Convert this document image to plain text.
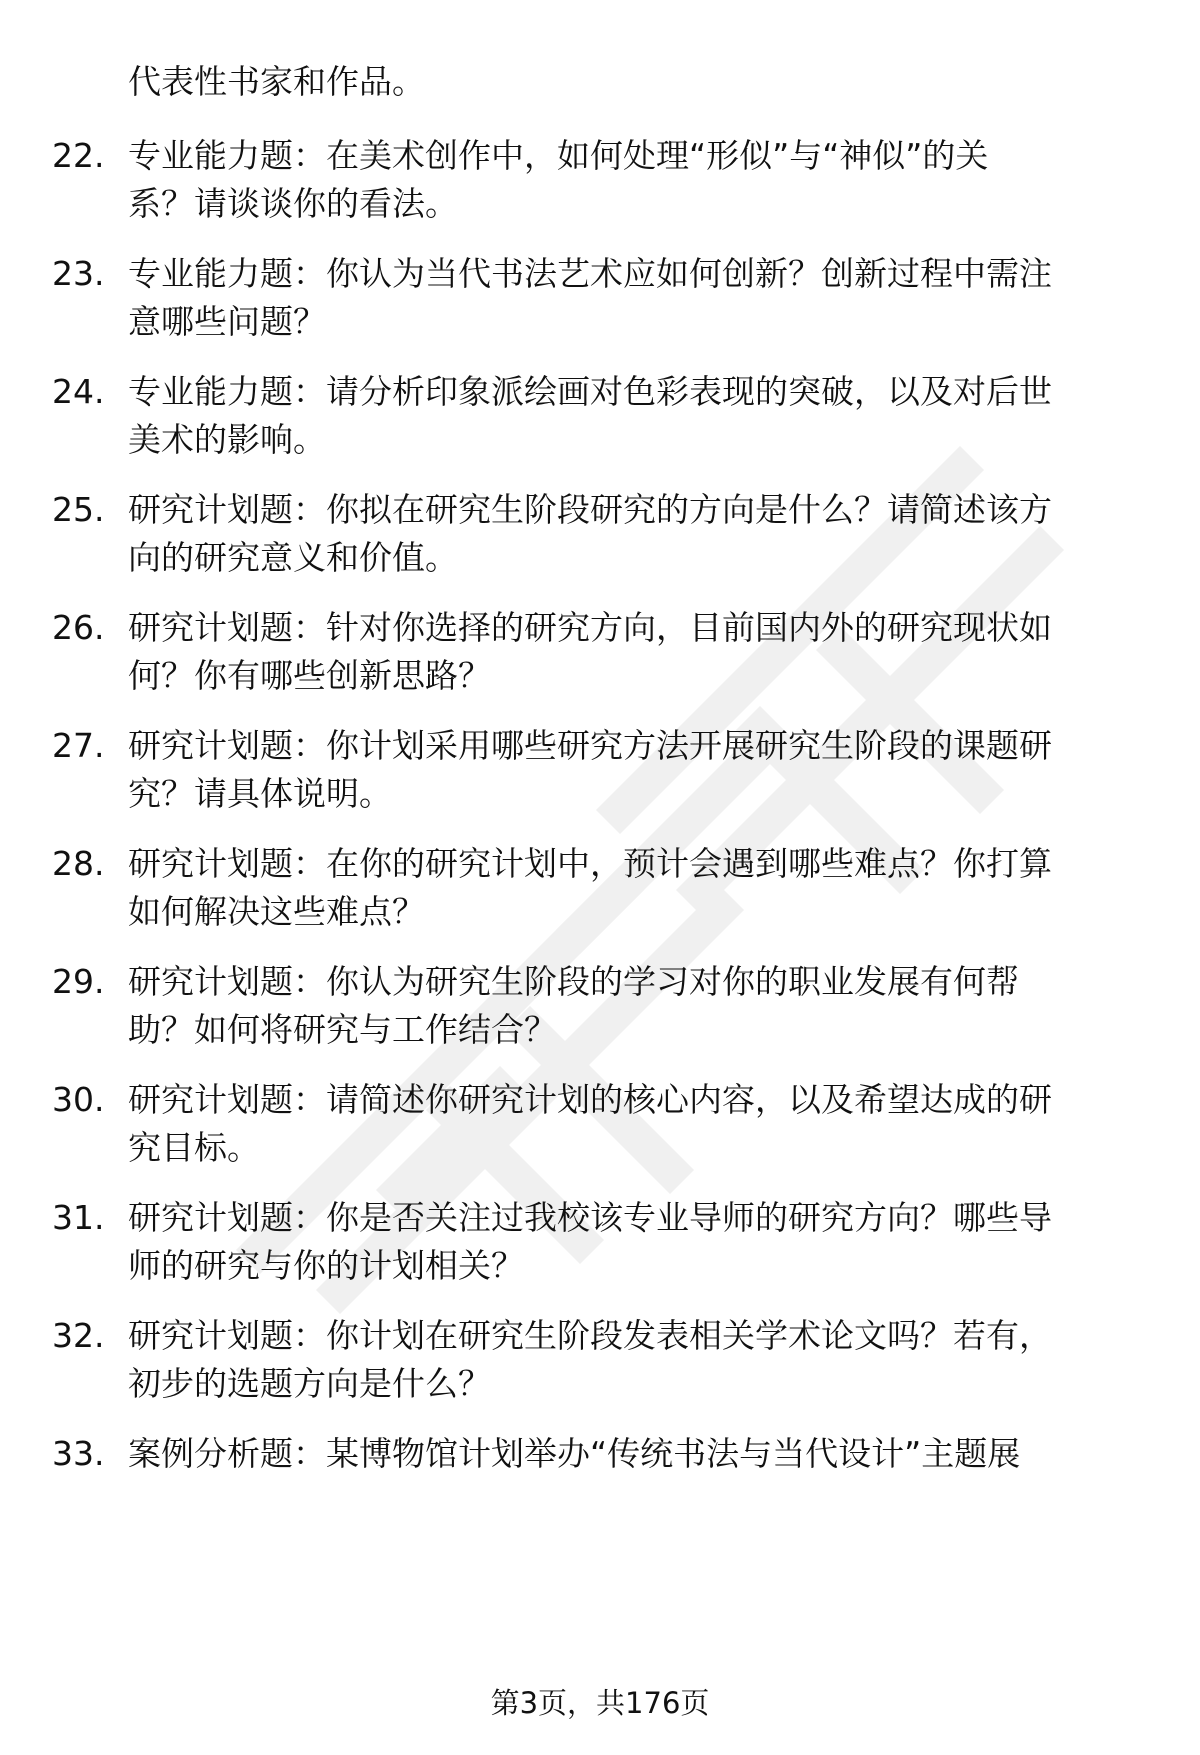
代表性书家和作品。
22. 专业能力题：在美术创作中，如何处理“形似”与“神似”的关
系？请谈谈你的看法。
23. 专业能力题：你认为当代书法艺术应如何创新？创新过程中需注
意哪些问题？
24. 专业能力题：请分析印象派绘画对色彩表现的突破，以及对后世
美术的影响。
25. 研究计划题：你拟在研究生阶段研究的方向是什么？请简述该方
向的研究意义和价值。
26. 研究计划题：针对你选择的研究方向，目前国内外的研究现状如
何？你有哪些创新思路？
27. 研究计划题：你计划采用哪些研究方法开展研究生阶段的课题研
究？请具体说明。
28. 研究计划题：在你的研究计划中，预计会遇到哪些难点？你打算
如何解决这些难点？
29. 研究计划题：你认为研究生阶段的学习对你的职业发展有何帮
助？如何将研究与工作结合？
30. 研究计划题：请简述你研究计划的核心内容，以及希望达成的研
究目标。
31. 研究计划题：你是否关注过我校该专业导师的研究方向？哪些导
师的研究与你的计划相关？
32. 研究计划题：你计划在研究生阶段发表相关学术论文吗？若有，
初步的选题方向是什么？
33. 案例分析题：某博物馆计划举办“传统书法与当代设计”主题展
第3页，共176页
